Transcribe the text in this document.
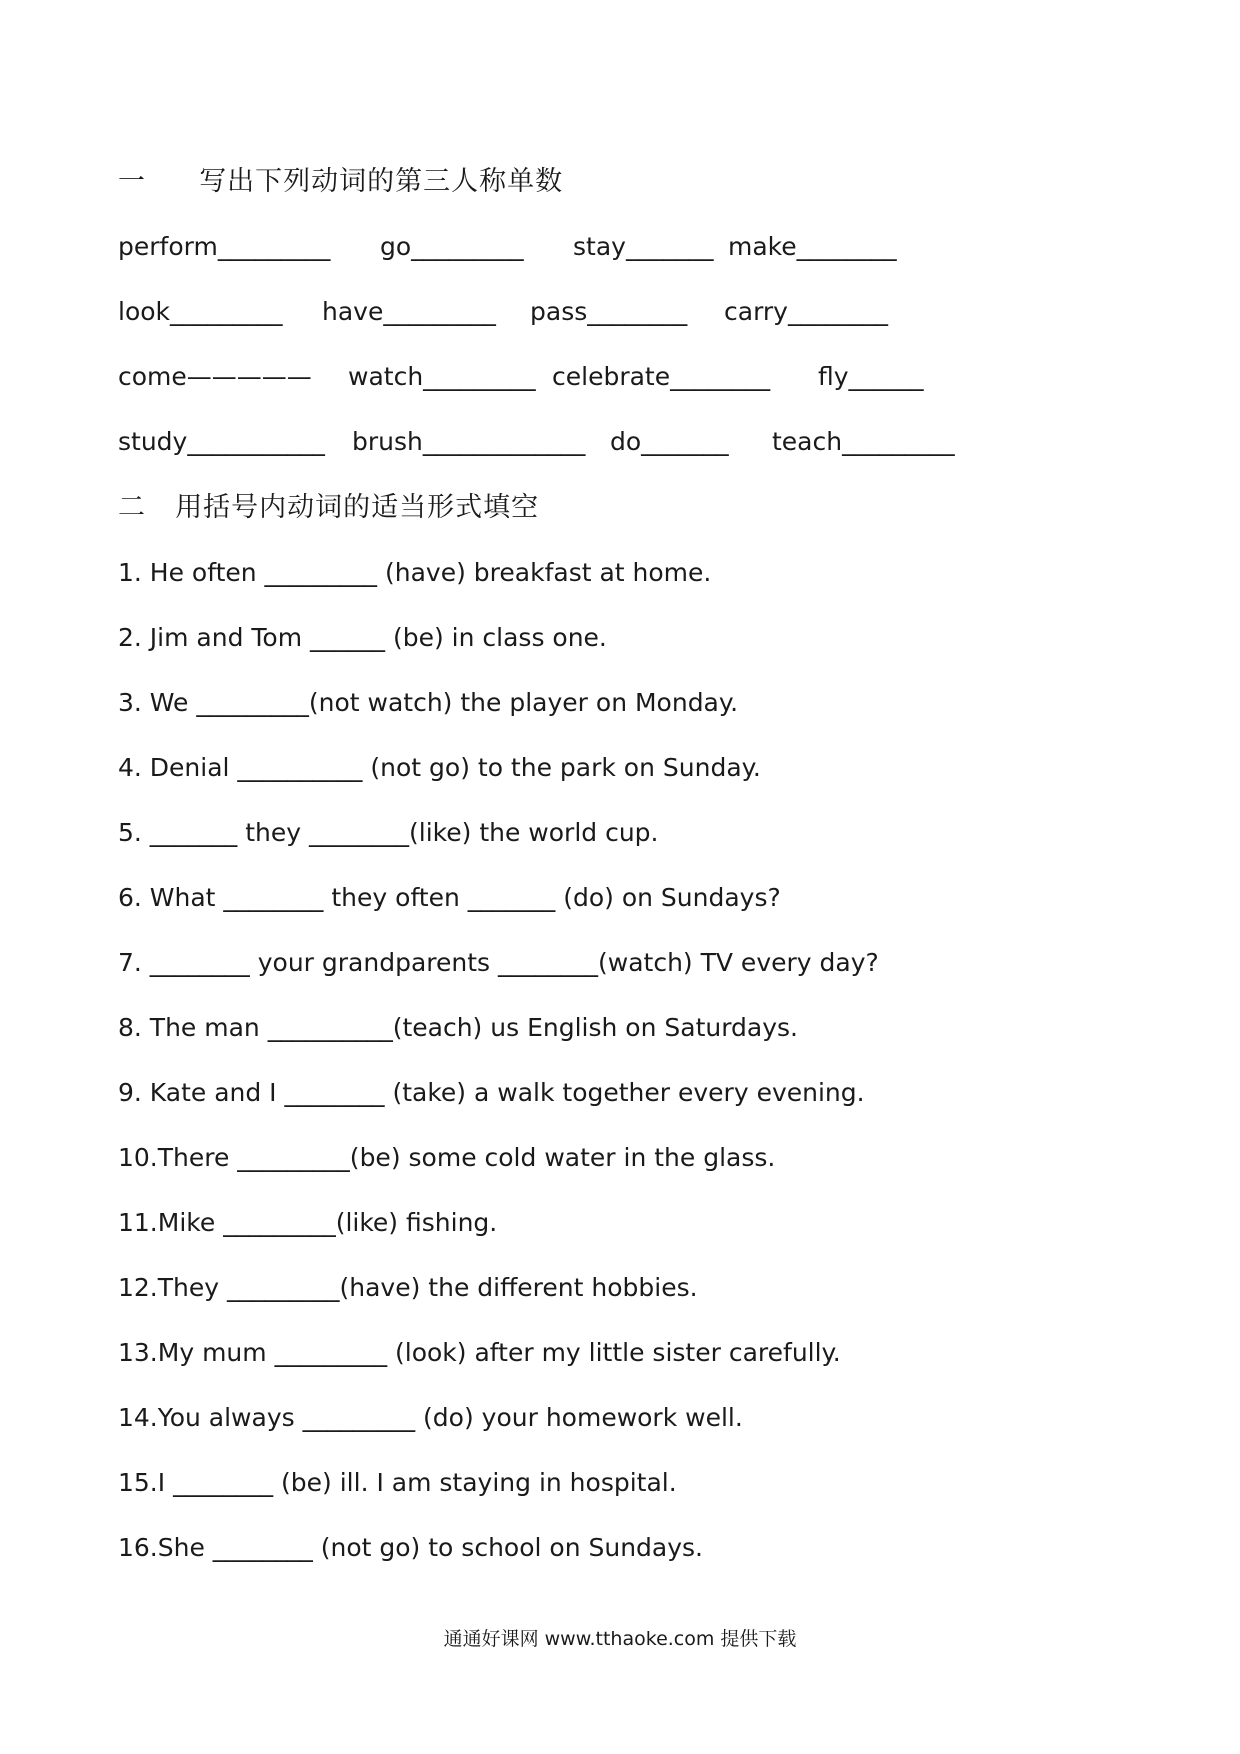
一 写出下列动词的第三人称单数
perform_________ go_________ stay_______ make________
look_________ have_________ pass________ carry________
come————— watch_________ celebrate________ fly______
study___________ brush_____________ do_______ teach_________
二 用括号内动词的适当形式填空
1. He often _________ (have) breakfast at home.
2. Jim and Tom ______ (be) in class one.
3. We _________(not watch) the player on Monday.
4. Denial __________ (not go) to the park on Sunday.
5. _______ they ________(like) the world cup.
6. What ________ they often _______ (do) on Sundays?
7. ________ your grandparents ________(watch) TV every day?
8. The man __________(teach) us English on Saturdays.
9. Kate and I ________ (take) a walk together every evening.
10.There _________(be) some cold water in the glass.
11.Mike _________(like) fishing.
12.They _________(have) the different hobbies.
13.My mum _________ (look) after my little sister carefully.
14.You always _________ (do) your homework well.
15.I ________ (be) ill. I am staying in hospital.
16.She ________ (not go) to school on Sundays.
通通好课网 www.tthaoke.com 提供下载
